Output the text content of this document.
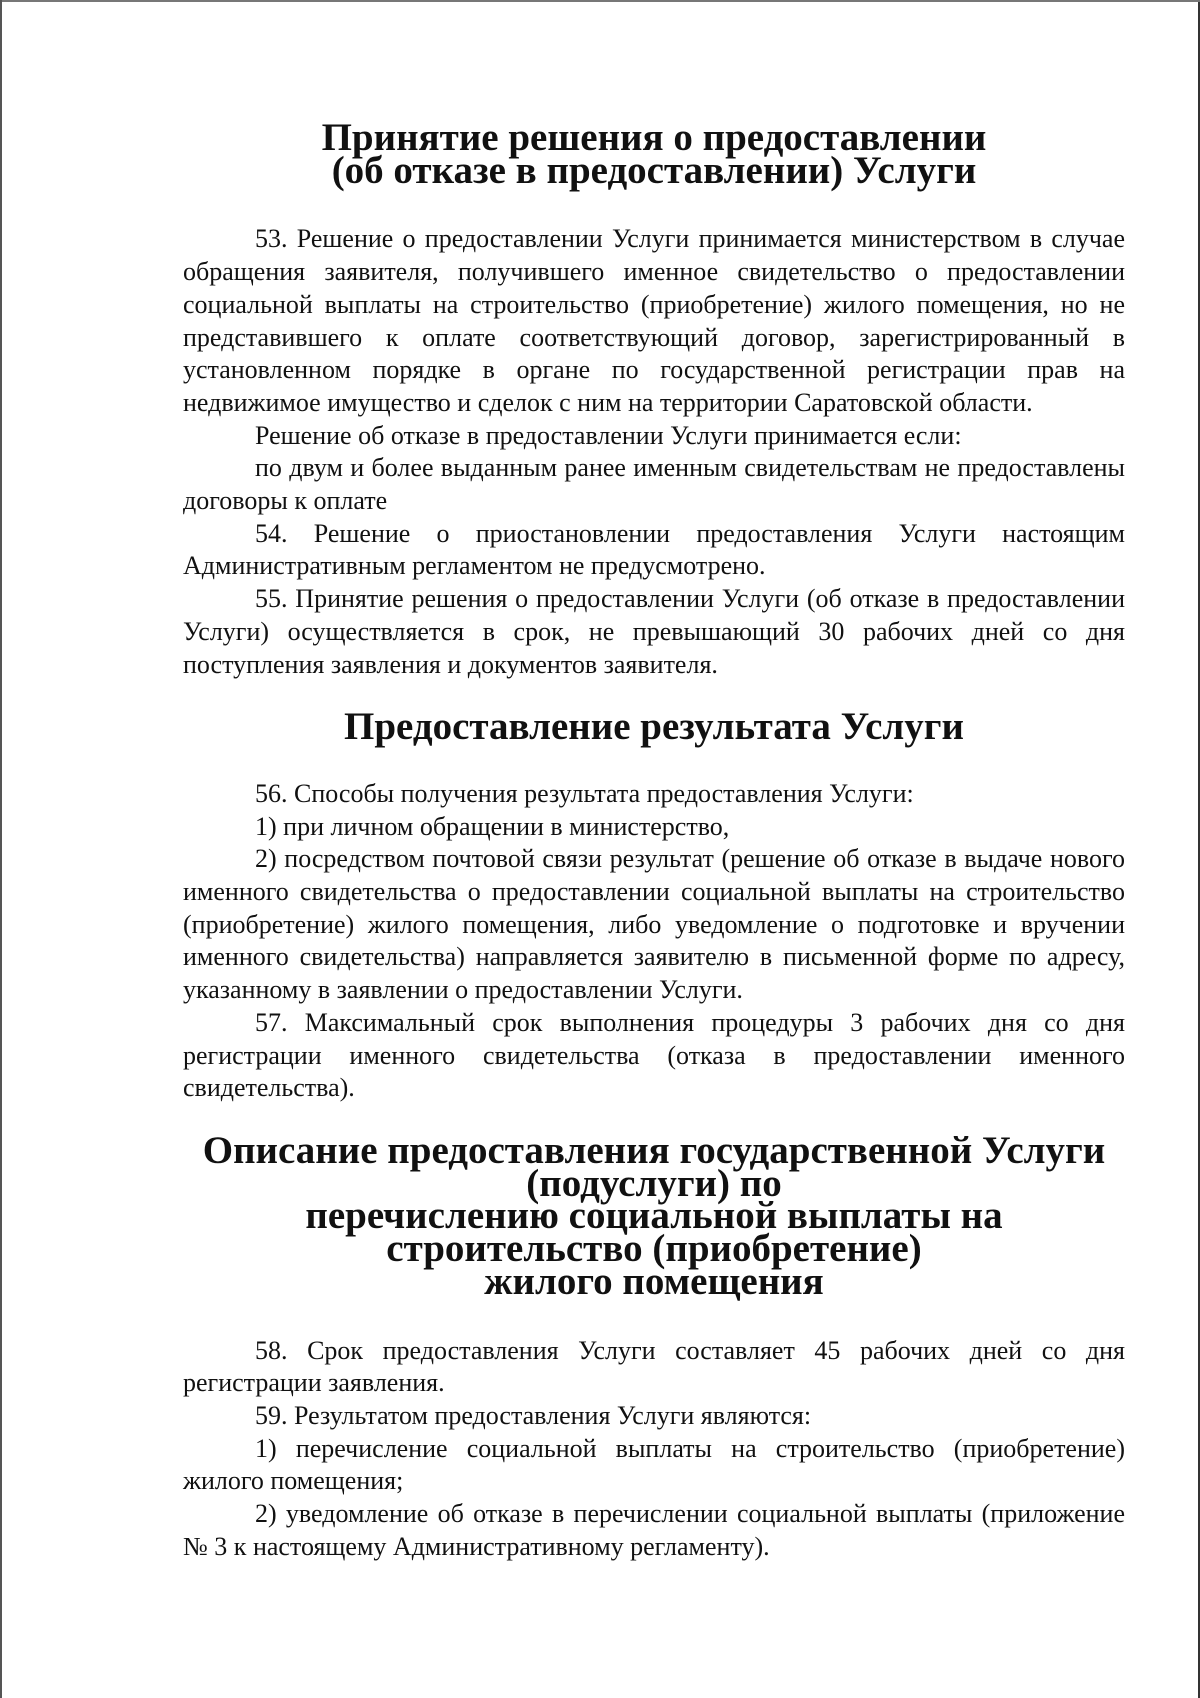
Принятие решения о предоставлении
(об отказе в предоставлении) Услуги

53. Решение о предоставлении Услуги принимается министерством в случае обращения заявителя, получившего именное свидетельство о предоставлении социальной выплаты на строительство (приобретение) жилого помещения, но не представившего к оплате соответствующий договор, зарегистрированный в установленном порядке в органе по государственной регистрации прав на недвижимое имущество и сделок с ним на территории Саратовской области.

Решение об отказе в предоставлении Услуги принимается если:

по двум и более выданным ранее именным свидетельствам не предоставлены договоры к оплате

54. Решение о приостановлении предоставления Услуги настоящим Административным регламентом не предусмотрено.

55. Принятие решения о предоставлении Услуги (об отказе в предоставлении Услуги) осуществляется в срок, не превышающий 30 рабочих дней со дня поступления заявления и документов заявителя.

Предоставление результата Услуги

56. Способы получения результата предоставления Услуги:

1) при личном обращении в министерство,

2) посредством почтовой связи результат (решение об отказе в выдаче нового именного свидетельства о предоставлении социальной выплаты на строительство (приобретение) жилого помещения, либо уведомление о подготовке и вручении именного свидетельства) направляется заявителю в письменной форме по адресу, указанному в заявлении о предоставлении Услуги.

57. Максимальный срок выполнения процедуры 3 рабочих дня со дня регистрации именного свидетельства (отказа в предоставлении именного свидетельства).

Описание предоставления государственной Услуги (подуслуги) по
перечислению социальной выплаты на строительство (приобретение)
жилого помещения

58. Срок предоставления Услуги составляет 45 рабочих дней со дня регистрации заявления.

59. Результатом предоставления Услуги являются:

1) перечисление социальной выплаты на строительство (приобретение) жилого помещения;

2) уведомление об отказе в перечислении социальной выплаты (приложение № 3 к настоящему Административному регламенту).
